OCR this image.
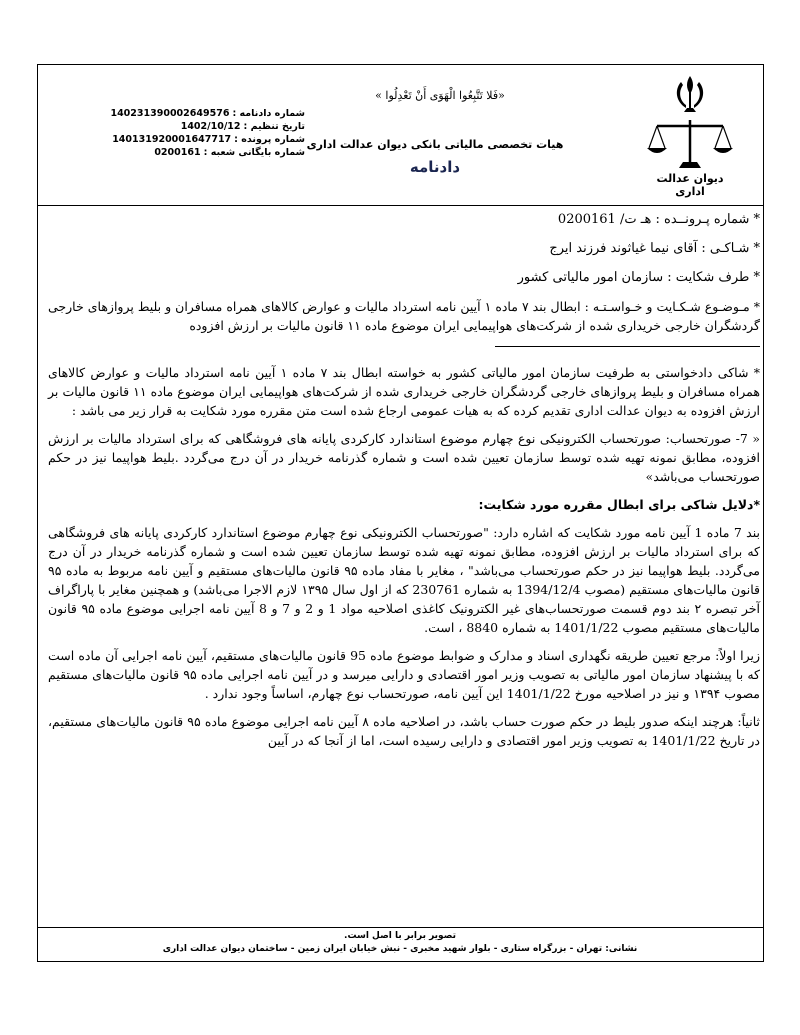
دیوان عدالت اداری
«فَلا تَتَّبِعُوا الْهَوَى أَنْ تَعْدِلُوا »
هیات تخصصی مالیاتی بانکی دیوان عدالت اداری
دادنامه
شماره دادنامه :
140231390002649576
تاریخ تنظیم :
1402/10/12
شماره پرونده :
140131920001647717
شماره بایگانی شعبه :
0200161

* شماره پـرونــده : هـ ت/ 0200161

* شـاکـی : آقای نیما غیاثوند فرزند ایرج

* طرف شکایت : سازمان امور مالیاتی کشور

* مـوضـوع شـکـایت و خـواسـتـه : ابطال بند ۷ ماده ۱ آیین نامه استرداد مالیات و عوارض کالاهای همراه مسافران و بلیط پروازهای خارجی گردشگران خارجی خریداری شده از شرکت‌های هواپیمایی ایران موضوع ماده ۱۱ قانون مالیات بر ارزش افزوده

* شاکی دادخواستی به طرفیت سازمان امور مالیاتی کشور به خواسته ابطال بند ۷ ماده ۱ آیین نامه استرداد مالیات و عوارض کالاهای همراه مسافران و بلیط پروازهای خارجی گردشگران خارجی خریداری شده از شرکت‌های هواپیمایی ایران موضوع ماده ۱۱ قانون مالیات بر ارزش افزوده به دیوان عدالت اداری تقدیم کرده که به هیات عمومی ارجاع شده است متن مقرره مورد شکایت به قرار زیر می باشد :

« 7- صورتحساب: صورتحساب الکترونیکی نوع چهارم موضوع استاندارد کارکردی پایانه های فروشگاهی که برای استرداد مالیات بر ارزش افزوده، مطابق نمونه تهیه شده توسط سازمان تعیین شده است و شماره گذرنامه خریدار در آن درج می‌گردد .بلیط هواپیما نیز در حکم صورتحساب می‌باشد»

*دلایل شاکی برای ابطال مقرره مورد شکایت:

بند 7 ماده 1 آیین نامه مورد شکایت که اشاره دارد: "صورتحساب الکترونیکی نوع چهارم موضوع استاندارد کارکردی پایانه های فروشگاهی که برای استرداد مالیات بر ارزش افزوده، مطابق نمونه تهیه شده توسط سازمان تعیین شده است و شماره گذرنامه خریدار در آن درج می‌گردد. بلیط هواپیما نیز در حکم صورتحساب می‌باشد" ، مغایر با مفاد ماده ۹۵ قانون مالیات‌های مستقیم و آیین نامه مربوط به ماده ۹۵ قانون مالیات‌های مستقیم (مصوب 1394/12/4 به شماره 230761 که از اول سال ۱۳۹۵ لازم الاجرا می‌باشد) و همچنین مغایر با پاراگراف آخر تبصره ۲ بند دوم قسمت صورتحساب‌های غیر الکترونیک کاغذی اصلاحیه مواد 1 و 2 و 7 و 8 آیین نامه اجرایی موضوع ماده ۹۵ قانون مالیات‌های مستقیم مصوب 1401/1/22 به شماره 8840 ، است.

زیرا اولاً: مرجع تعیین طریقه نگهداری اسناد و مدارک و ضوابط موضوع ماده 95 قانون مالیات‌های مستقیم، آیین نامه اجرایی آن ماده است که با پیشنهاد سازمان امور مالیاتی به تصویب وزیر امور اقتصادی و دارایی میرسد و در آیین نامه اجرایی ماده ۹۵ قانون مالیات‌های مستقیم مصوب ۱۳۹۴ و نیز در اصلاحیه مورخ 1401/1/22 این آیین نامه، صورتحساب نوع چهارم، اساساً وجود ندارد .

ثانیاً: هرچند اینکه صدور بلیط در حکم صورت حساب باشد، در اصلاحیه ماده ۸ آیین نامه اجرایی موضوع ماده ۹۵ قانون مالیات‌های مستقیم، در تاریخ 1401/1/22 به تصویب وزیر امور اقتصادی و دارایی رسیده است، اما از آنجا که در آیین

تصویر برابر با اصل است.
نشانی: تهران - بزرگراه ستاری - بلوار شهید مخبری - نبش خیابان ایران زمین - ساختمان دیوان عدالت اداری
